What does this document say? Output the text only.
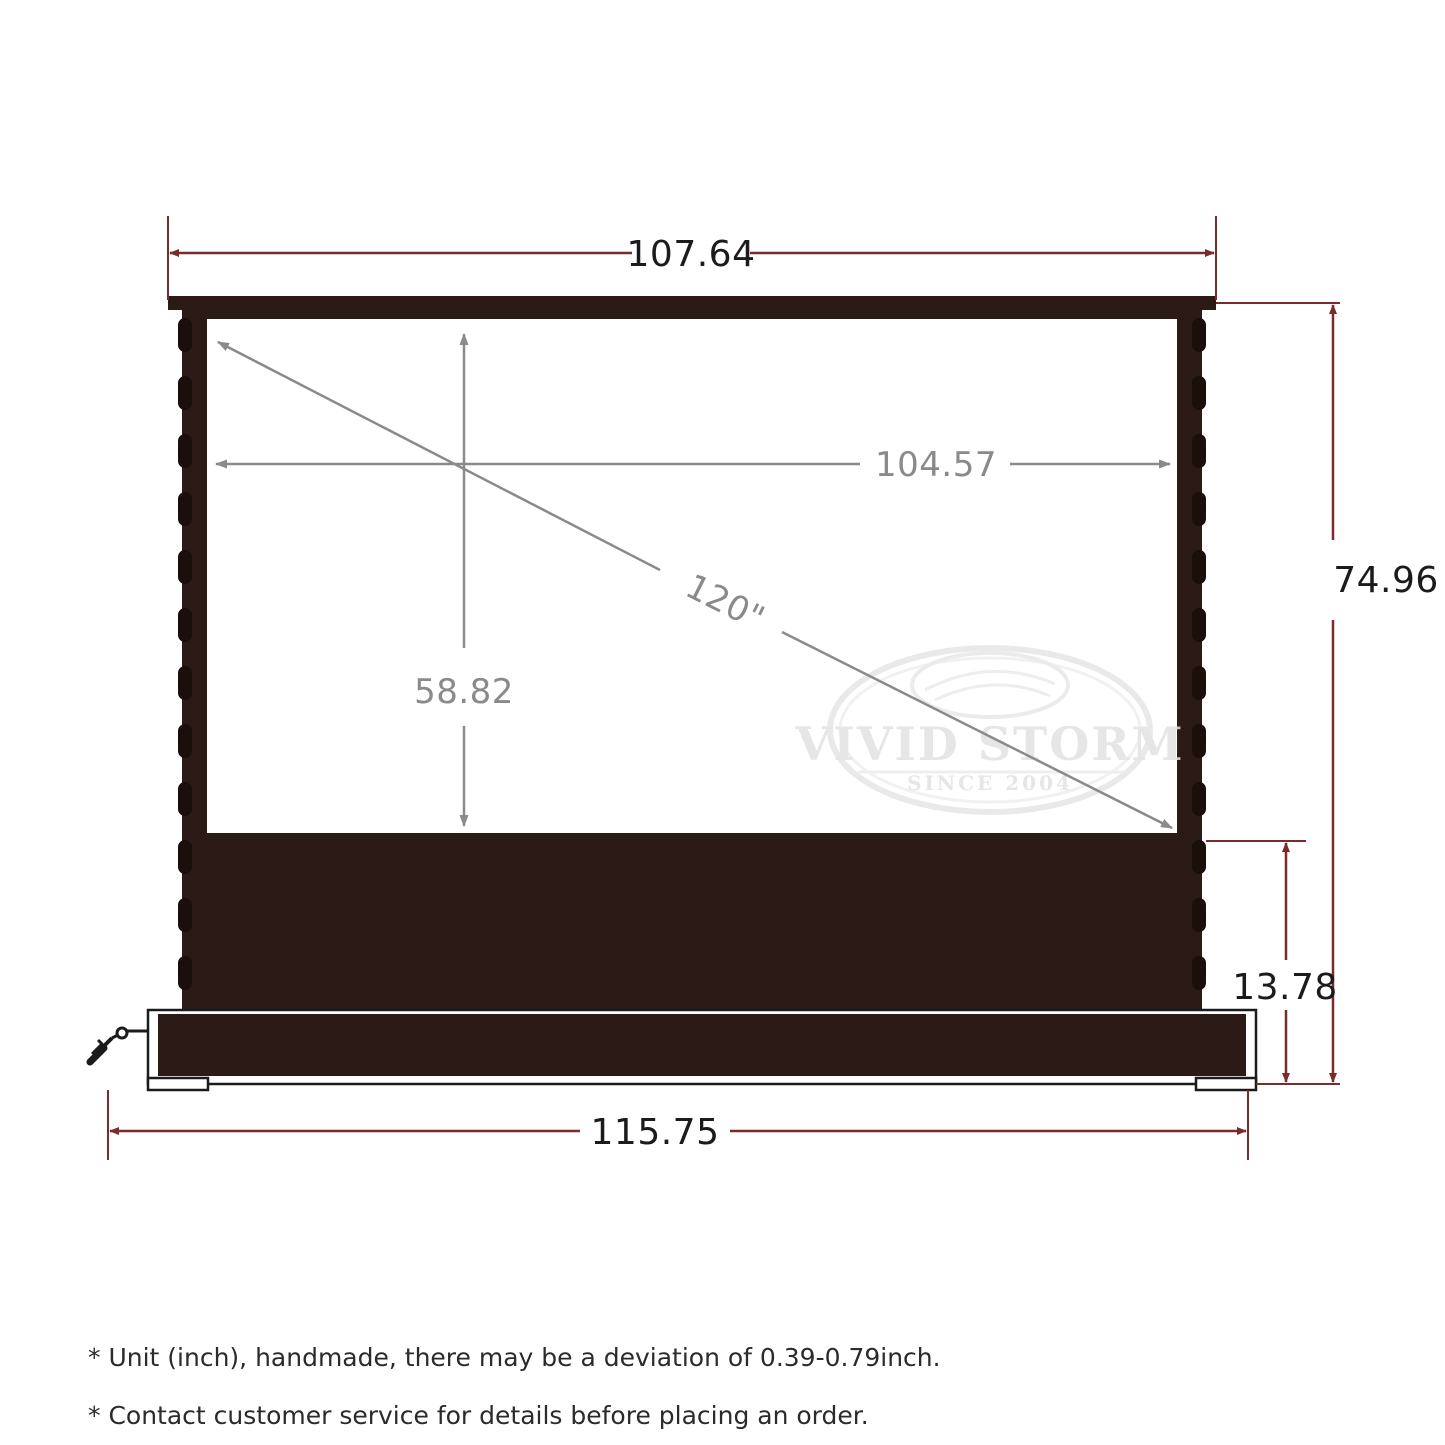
VIVID STORM
SINCE 2004
107.64
74.96
13.78
115.75
104.57
58.82
120"
* Unit (inch), handmade, there may be a deviation of 0.39-0.79inch.
* Contact customer service for details before placing an order.
